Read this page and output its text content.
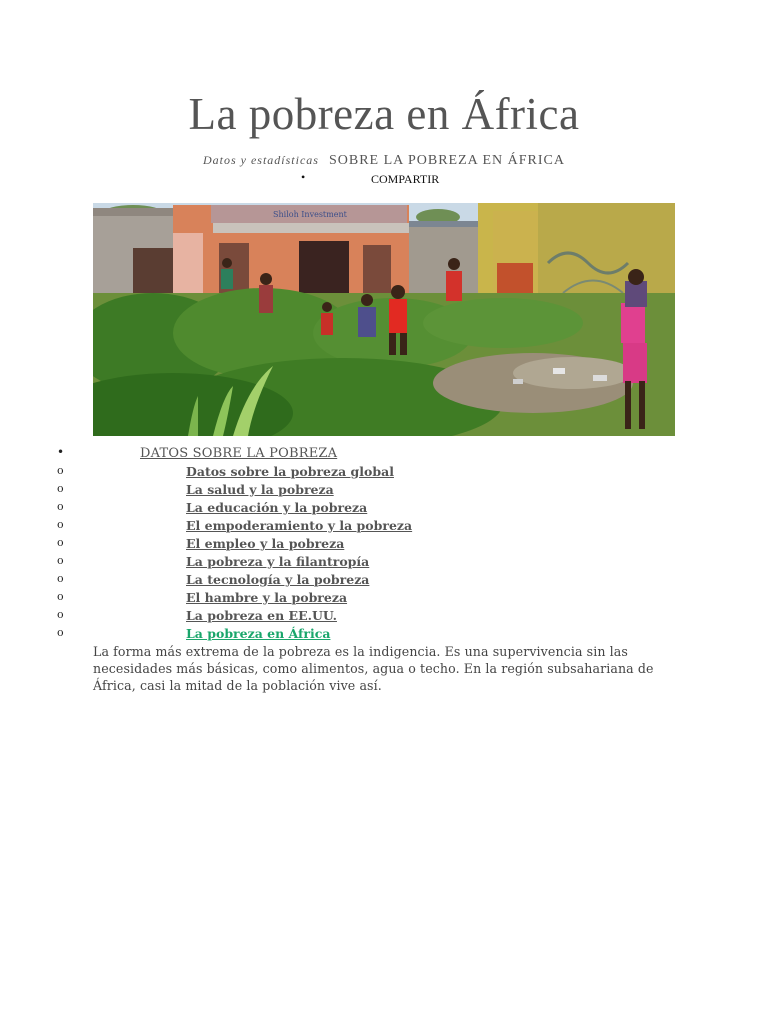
La pobreza en África
Datos y estadísticas SOBRE LA POBREZA EN ÁFRICA
•	COMPARTIR
Shiloh Investment
•	DATOS SOBRE LA POBREZA
o	Datos sobre la pobreza global
o	La salud y la pobreza
o	La educación y la pobreza
o	El empoderamiento y la pobreza
o	El empleo y la pobreza
o	La pobreza y la filantropía
o	La tecnología y la pobreza
o	El hambre y la pobreza
o	La pobreza en EE.UU.
o	La pobreza en África

La forma más extrema de la pobreza es la indigencia. Es una supervivencia sin las necesidades más básicas, como alimentos, agua o techo. En la región subsahariana de África, casi la mitad de la población vive así.
